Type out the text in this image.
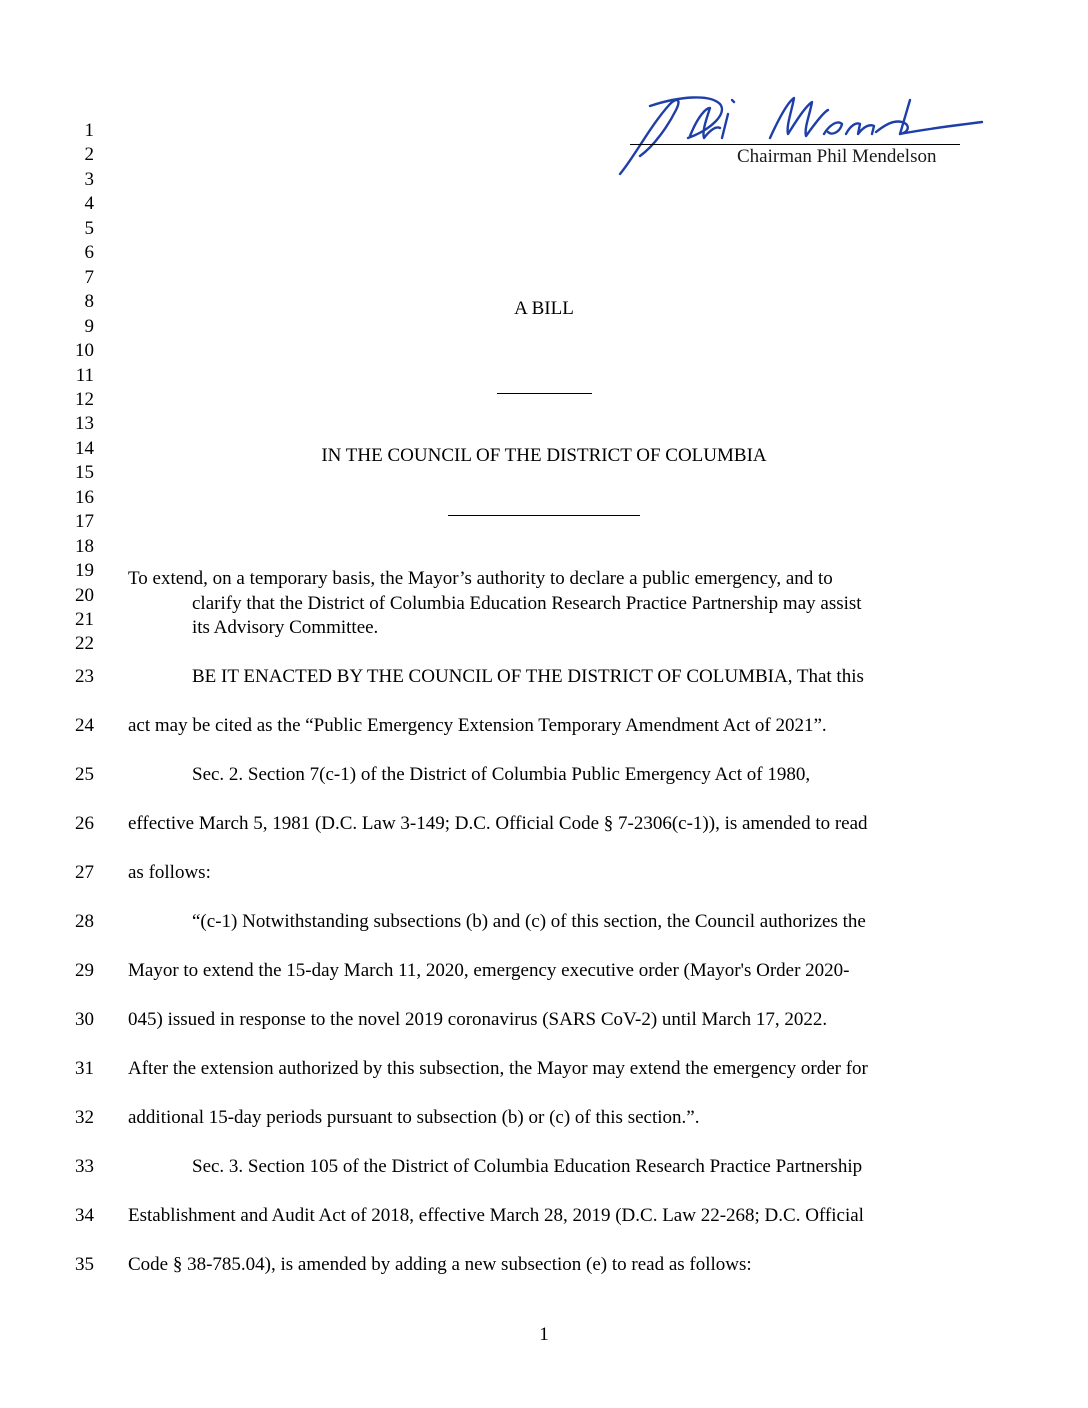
Chairman Phil Mendelson
1
2
3
4
5
6
7
8
9
10
11
12
13
14
15
16
17
18
19
20
21
22
23
24
25
26
27
28
29
30
31
32
33
34
35
A BILL
IN THE COUNCIL OF THE DISTRICT OF COLUMBIA
To extend, on a temporary basis, the Mayor’s authority to declare a public emergency, and to
clarify that the District of Columbia Education Research Practice Partnership may assist
its Advisory Committee.
BE IT ENACTED BY THE COUNCIL OF THE DISTRICT OF COLUMBIA, That this
act may be cited as the “Public Emergency Extension Temporary Amendment Act of 2021”.
Sec. 2. Section 7(c-1) of the District of Columbia Public Emergency Act of 1980,
effective March 5, 1981 (D.C. Law 3-149; D.C. Official Code § 7-2306(c-1)), is amended to read
as follows:
“(c-1) Notwithstanding subsections (b) and (c) of this section, the Council authorizes the
Mayor to extend the 15-day March 11, 2020, emergency executive order (Mayor's Order 2020-
045) issued in response to the novel 2019 coronavirus (SARS CoV-2) until March 17, 2022.
After the extension authorized by this subsection, the Mayor may extend the emergency order for
additional 15-day periods pursuant to subsection (b) or (c) of this section.”.
Sec. 3. Section 105 of the District of Columbia Education Research Practice Partnership
Establishment and Audit Act of 2018, effective March 28, 2019 (D.C. Law 22-268; D.C. Official
Code § 38-785.04), is amended by adding a new subsection (e) to read as follows:
1
